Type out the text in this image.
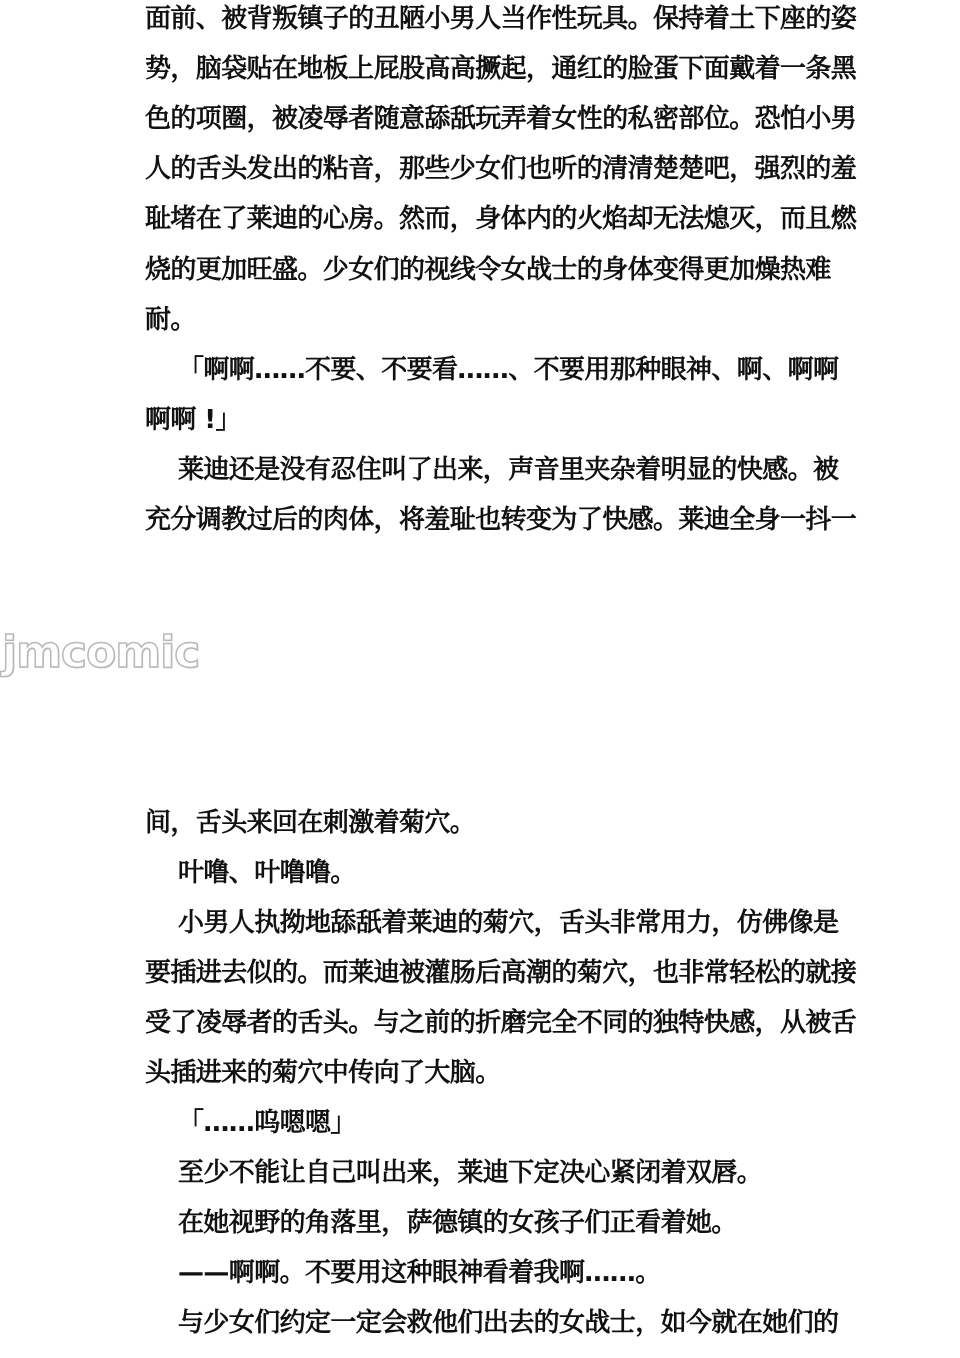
面前、被背叛镇子的丑陋小男人当作性玩具。保持着土下座的姿
势，脑袋贴在地板上屁股高高撅起，通红的脸蛋下面戴着一条黑
色的项圈，被凌辱者随意舔舐玩弄着女性的私密部位。恐怕小男
人的舌头发出的粘音，那些少女们也听的清清楚楚吧，强烈的羞
耻堵在了莱迪的心房。然而，身体内的火焰却无法熄灭，而且燃
烧的更加旺盛。少女们的视线令女战士的身体变得更加燥热难
耐。
「啊啊……不要、不要看……、不要用那种眼神、啊、啊啊
啊啊 !」
莱迪还是没有忍住叫了出来，声音里夹杂着明显的快感。被
充分调教过后的肉体，将羞耻也转变为了快感。莱迪全身一抖一
jmcomic
间，舌头来回在刺激着菊穴。
叶噜、叶噜噜。
小男人执拗地舔舐着莱迪的菊穴，舌头非常用力，仿佛像是
要插进去似的。而莱迪被灌肠后高潮的菊穴，也非常轻松的就接
受了凌辱者的舌头。与之前的折磨完全不同的独特快感，从被舌
头插进来的菊穴中传向了大脑。
「……呜嗯嗯」
至少不能让自己叫出来，莱迪下定决心紧闭着双唇。
在她视野的角落里，萨德镇的女孩子们正看着她。
——啊啊。不要用这种眼神看着我啊……。
与少女们约定一定会救他们出去的女战士，如今就在她们的
